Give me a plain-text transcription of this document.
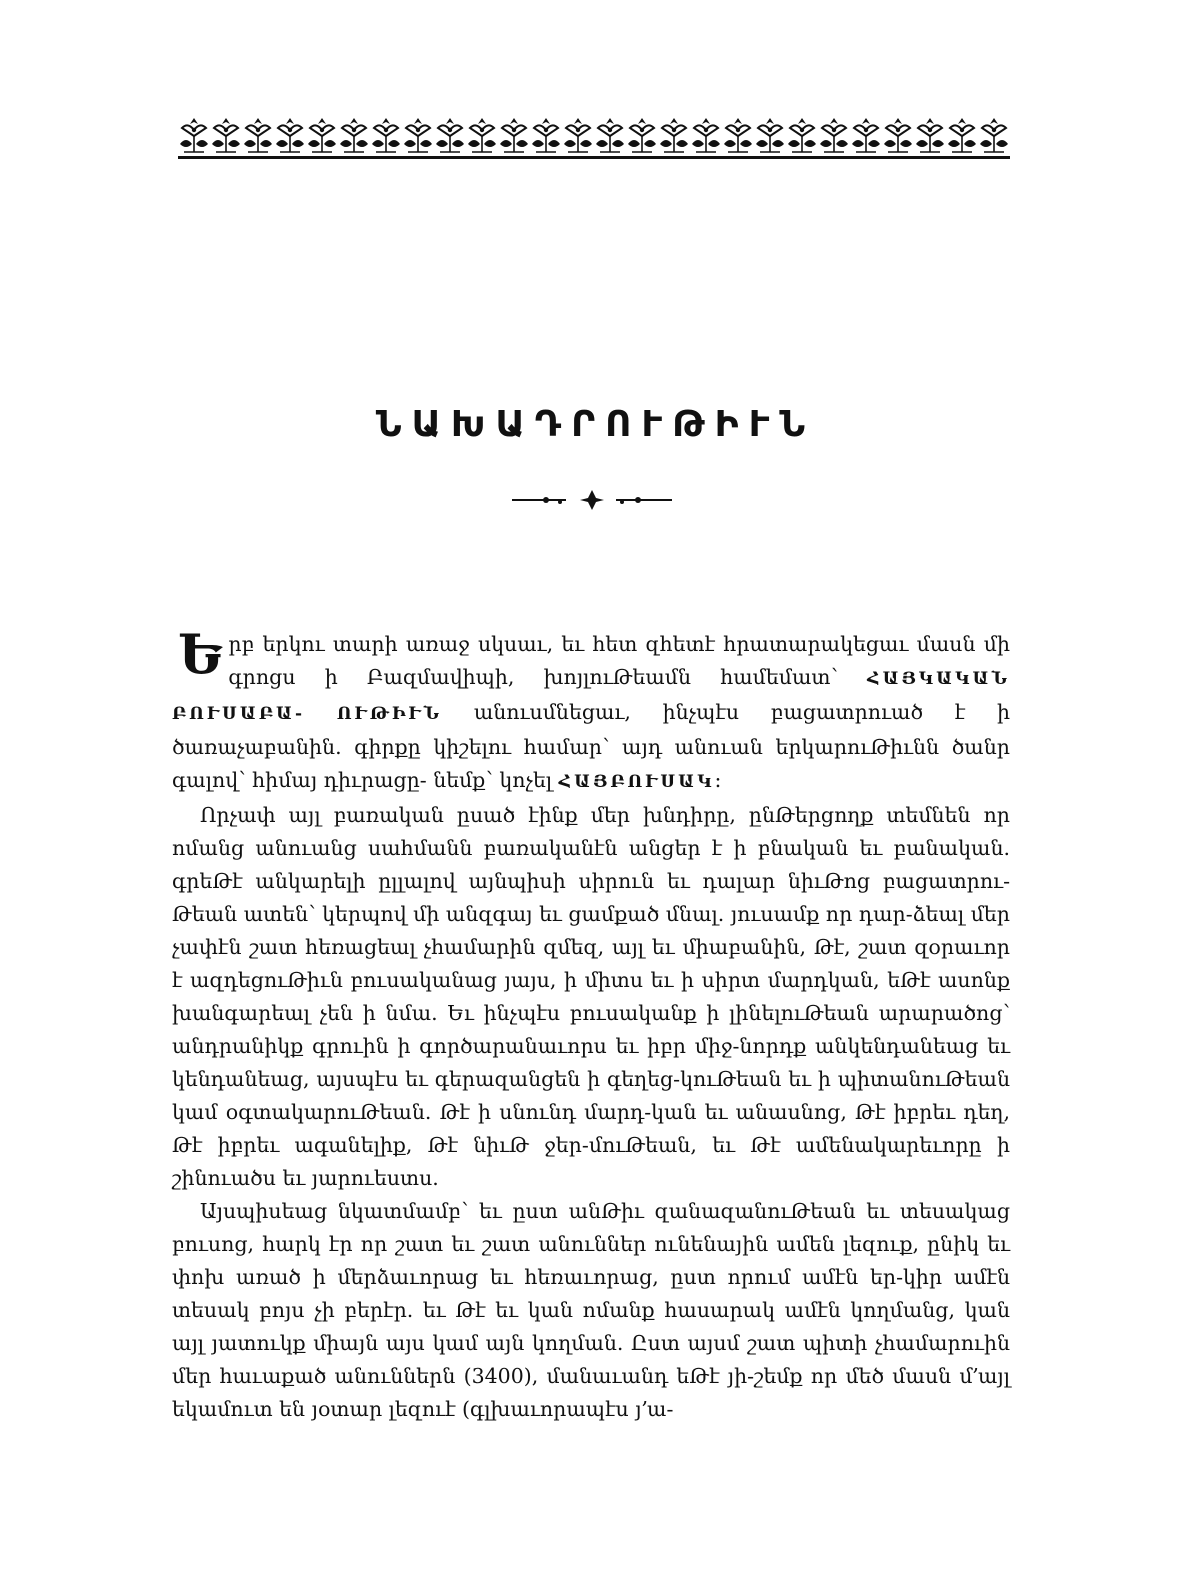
ՆԱԽԱԴՐՈՒԹԻՒՆ

Երբ երկու տարի առաջ սկսաւ, եւ հետ զհետէ հրատարակեցաւ մասն մի գրոցս ի Բազմավիպի, խոյլուԹեամն համեմատ՝ ՀԱՅԿԱԿԱՆ ԲՈՒՍԱԲԱ- ՈՒԹԻՒՆ անուսմնեցաւ, ինչպէս բացատրուած է ի ծառաչաբանին. գիրքը կիշելու համար՝ այդ անուան երկարուԹիւնն ծանր գալով՝ հիմայ դիւրացը- նեմք՝ կոչել ՀԱՅԲՈՒՍԱԿ։

Որչափ այլ բառական ըսած էինք մեր խնդիրը, ընԹերցողք տեմնեն որ ոմանց անուանց սահմանն բառականէն անցեր է ի բնական եւ բանական. գրեԹէ անկարելի ըլլալով այնպիսի սիրուն եւ դալար նիւԹոց բացատրու-Թեան ատեն՝ կերպով մի անզգայ եւ ցամքած մնալ. յուսամք որ դար-ձեալ մեր չափէն շատ հեռացեալ չհամարին զմեզ, այլ եւ միաբանին, Թէ, շատ զօրաւոր է ազդեցուԹիւն բուսականաց յայս, ի միտս եւ ի սիրտ մարդկան, եԹէ ասոնք խանգարեալ չեն ի նմա. Եւ ինչպէս բուսականք ի լինելուԹեան արարածոց՝ անդրանիկք գրուին ի գործարանաւորս եւ իբր միջ-նորդք անկենդանեաց եւ կենդանեաց, այսպէս եւ գերազանցեն ի գեղեց-կուԹեան եւ ի պիտանուԹեան կամ օգտակարուԹեան. Թէ ի սնունդ մարդ-կան եւ անասնոց, Թէ իբրեւ դեղ, Թէ իբրեւ ագանելիք, Թէ նիւԹ ջեր-մուԹեան, եւ Թէ ամենակարեւորը ի շինուածս եւ յարուեստս.

Այսպիսեաց նկատմամբ՝ եւ ըստ անԹիւ զանազանուԹեան եւ տեսակաց բուսոց, հարկ էր որ շատ եւ շատ անուններ ունենային ամեն լեզուք, ընիկ եւ փոխ առած ի մերձաւորաց եւ հեռաւորաց, ըստ որում ամէն եր-կիր ամէն տեսակ բոյս չի բերէր. եւ Թէ եւ կան ոմանք հասարակ ամէն կողմանց, կան այլ յատուկք միայն այս կամ այն կողման. Ըստ այսմ շատ պիտի չհամարուին մեր հաւաքած անուններն (3400), մանաւանդ եԹէ յի-շեմք որ մեծ մասն մ՚այլ եկամուտ են յօտար լեզուէ (գլխաւորապէս յ՚ա-
